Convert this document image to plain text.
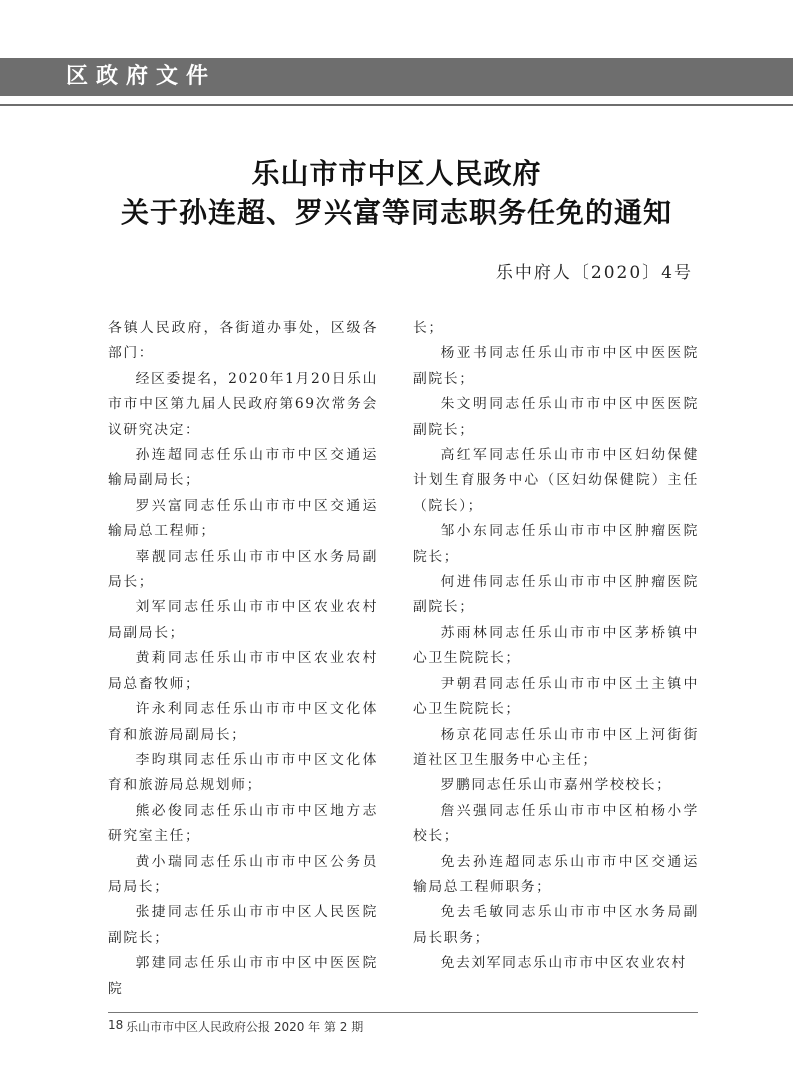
区政府文件
乐山市市中区人民政府
关于孙连超、罗兴富等同志职务任免的通知
乐中府人〔2020〕4号

各镇人民政府，各街道办事处，区级各部门：

经区委提名，2020年1月20日乐山市市中区第九届人民政府第69次常务会议研究决定：

孙连超同志任乐山市市中区交通运输局副局长；

罗兴富同志任乐山市市中区交通运输局总工程师；

辜靓同志任乐山市市中区水务局副局长；

刘军同志任乐山市市中区农业农村局副局长；

黄莉同志任乐山市市中区农业农村局总畜牧师；

许永利同志任乐山市市中区文化体育和旅游局副局长；

李昀琪同志任乐山市市中区文化体育和旅游局总规划师；

熊必俊同志任乐山市市中区地方志研究室主任；

黄小瑞同志任乐山市市中区公务员局局长；

张捷同志任乐山市市中区人民医院副院长；

郭建同志任乐山市市中区中医医院院

长；

杨亚书同志任乐山市市中区中医医院副院长；

朱文明同志任乐山市市中区中医医院副院长；

高红军同志任乐山市市中区妇幼保健计划生育服务中心（区妇幼保健院）主任（院长）；

邹小东同志任乐山市市中区肿瘤医院院长；

何进伟同志任乐山市市中区肿瘤医院副院长；

苏雨林同志任乐山市市中区茅桥镇中心卫生院院长；

尹朝君同志任乐山市市中区土主镇中心卫生院院长；

杨京花同志任乐山市市中区上河街街道社区卫生服务中心主任；

罗鹏同志任乐山市嘉州学校校长；

詹兴强同志任乐山市市中区柏杨小学校长；

免去孙连超同志乐山市市中区交通运输局总工程师职务；

免去毛敏同志乐山市市中区水务局副局长职务；

免去刘军同志乐山市市中区农业农村

18 乐山市市中区人民政府公报 2020 年 第 2 期
